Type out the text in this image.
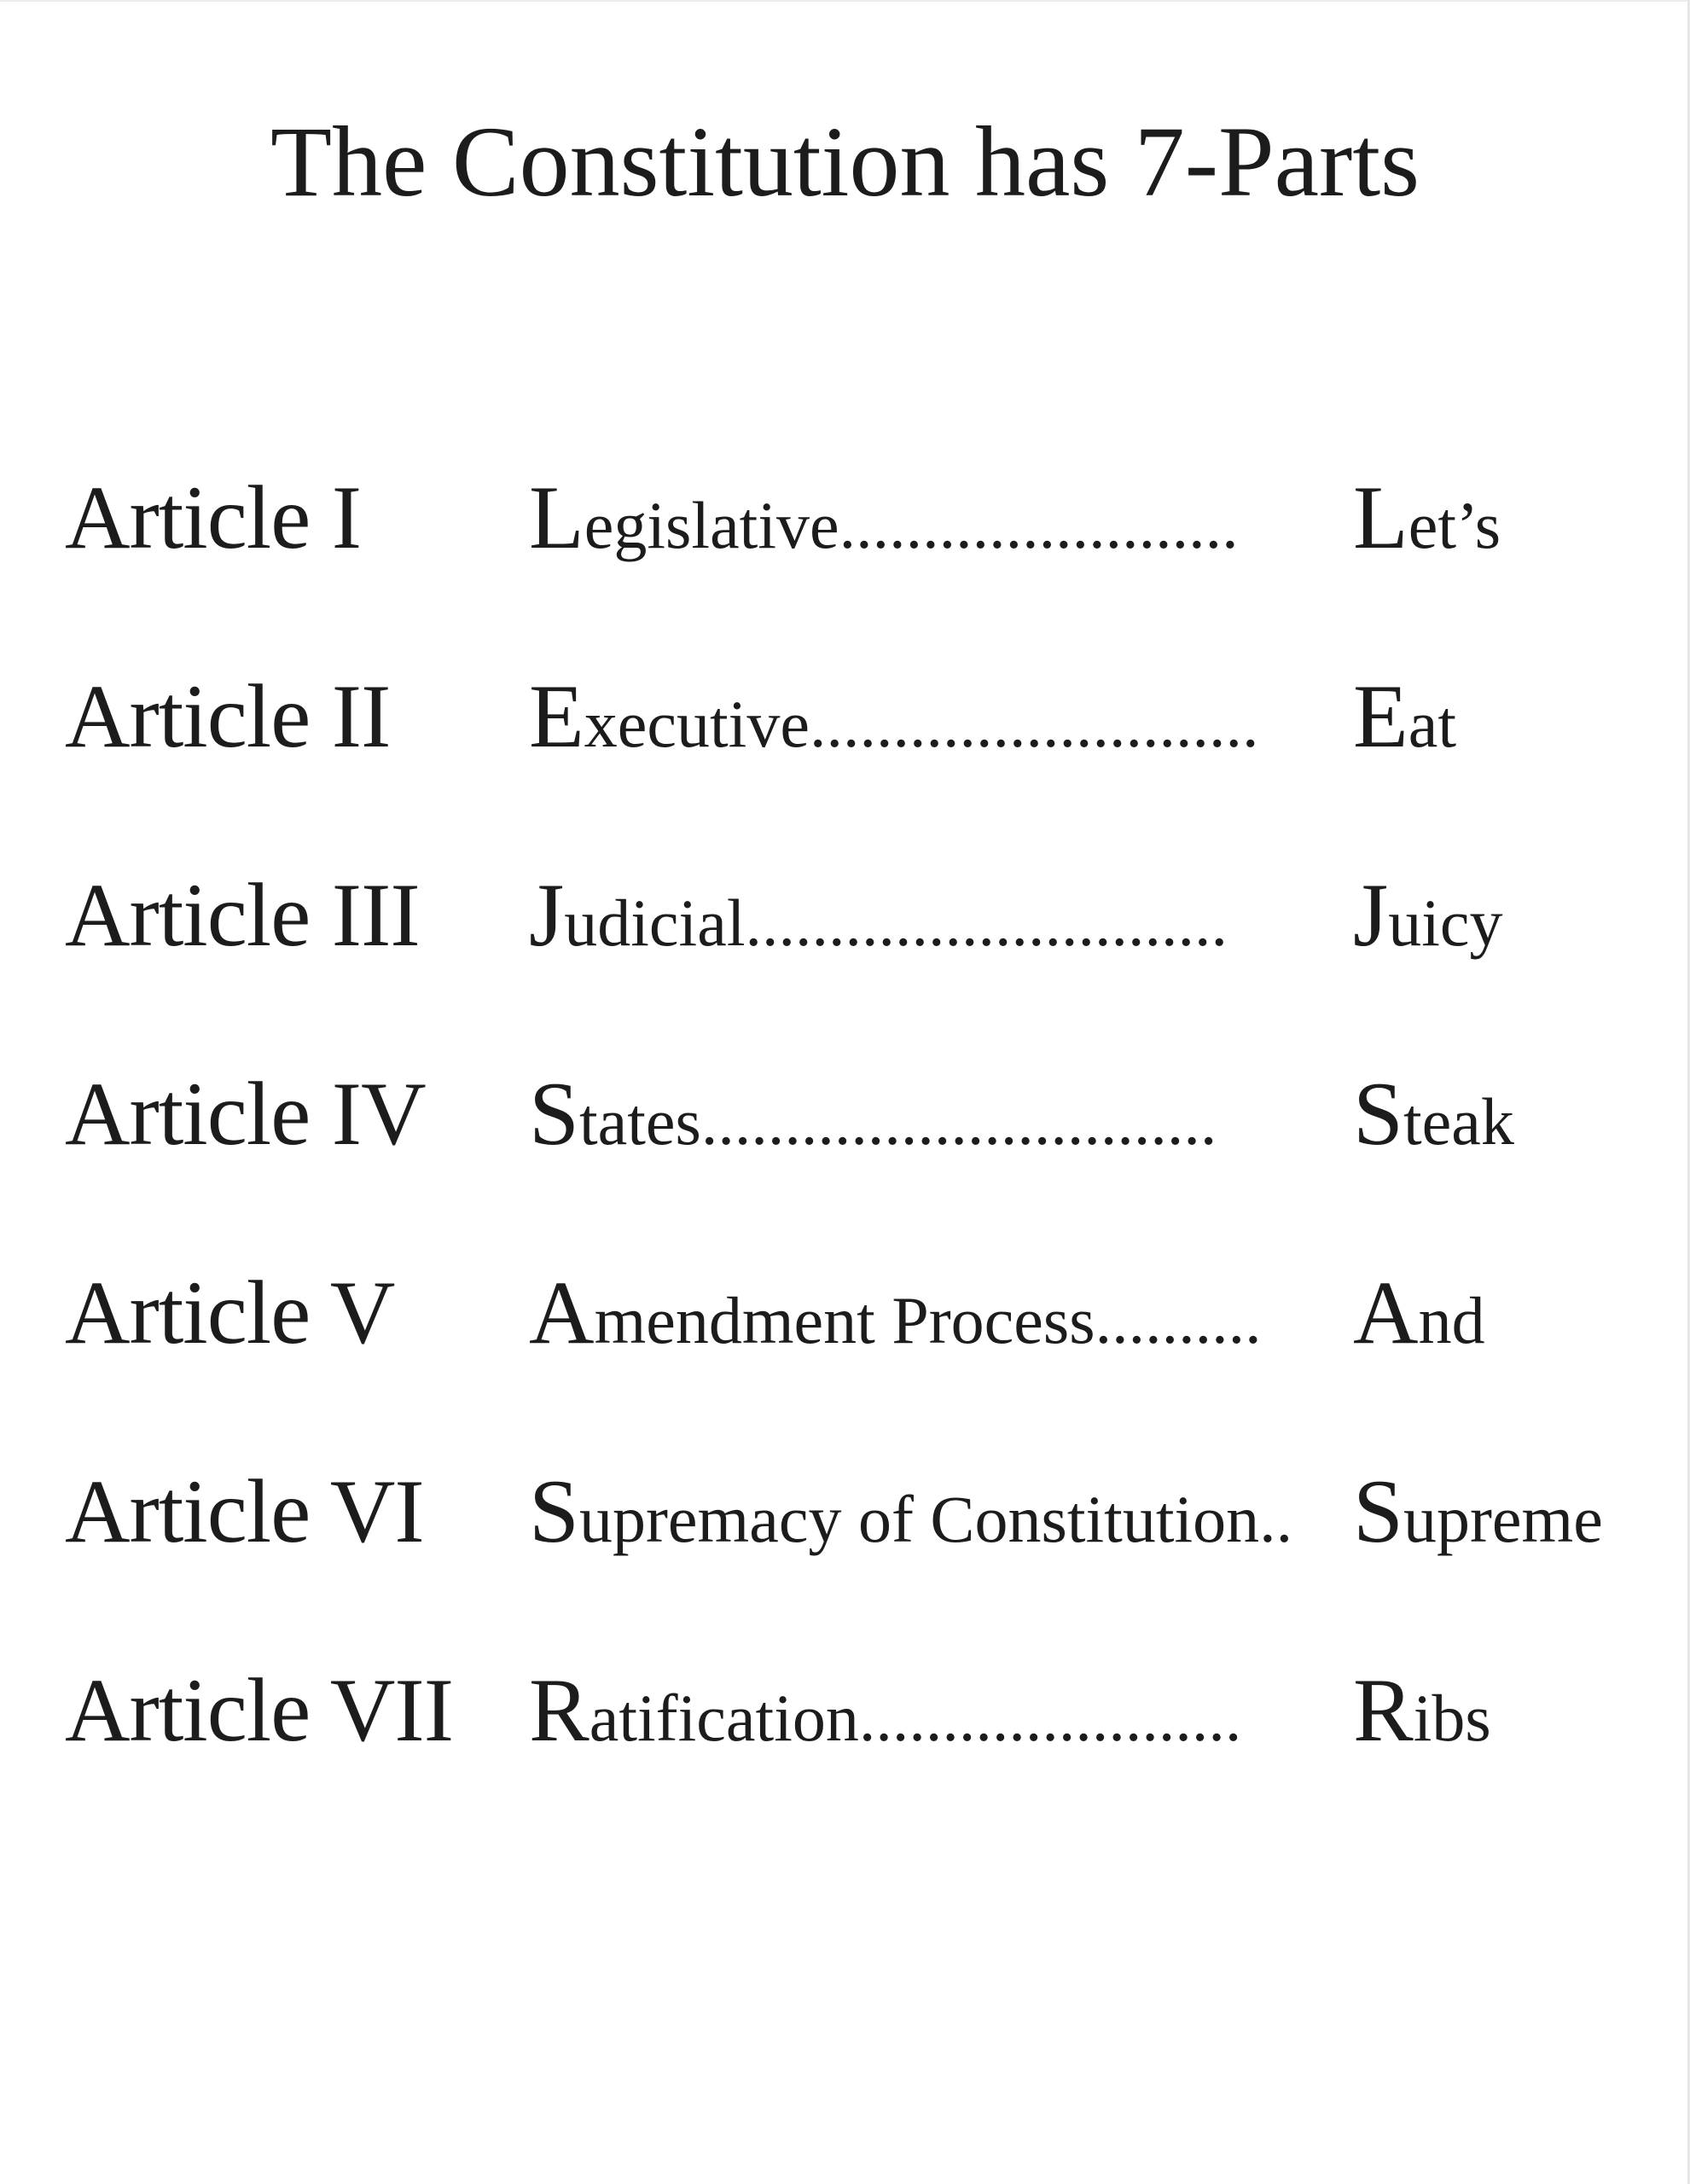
The Constitution has 7-Parts
Article I Legislative........................ Let’s
Article II Executive........................... Eat
Article III Judicial............................. Juicy
Article IV States............................... Steak
Article V Amendment Process.......... And
Article VI Supremacy of Constitution.. Supreme
Article VII Ratification....................... Ribs
